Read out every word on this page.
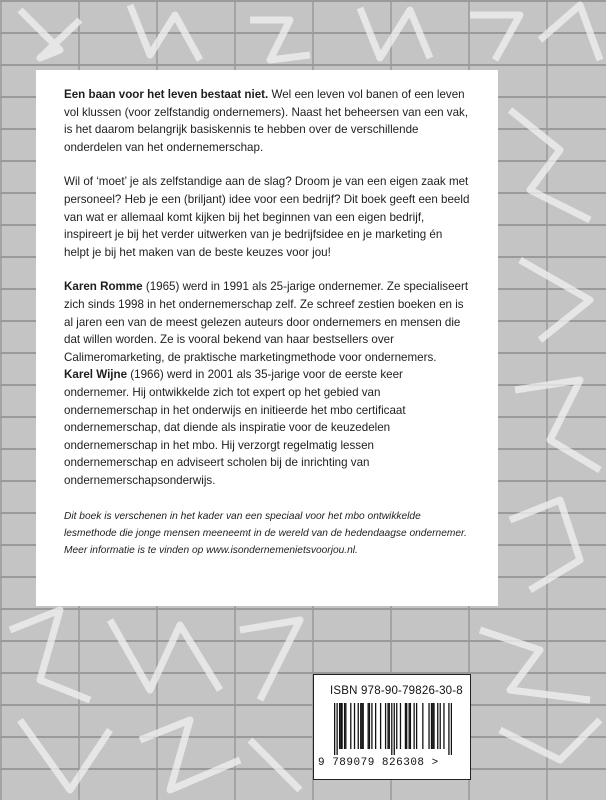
Een baan voor het leven bestaat niet. Wel een leven vol banen of een leven vol klussen (voor zelfstandig ondernemers). Naast het beheersen van een vak, is het daarom belangrijk basiskennis te hebben over de verschillende onderdelen van het ondernemerschap.

Wil of ‘moet’ je als zelfstandige aan de slag? Droom je van een eigen zaak met personeel? Heb je een (briljant) idee voor een bedrijf? Dit boek geeft een beeld van wat er allemaal komt kijken bij het beginnen van een eigen bedrijf, inspireert je bij het verder uitwerken van je bedrijfsidee en je marketing én helpt je bij het maken van de beste keuzes voor jou!

Karen Romme (1965) werd in 1991 als 25-jarige ondernemer. Ze specialiseert zich sinds 1998 in het ondernemerschap zelf. Ze schreef zestien boeken en is al jaren een van de meest gelezen auteurs door ondernemers en mensen die dat willen worden. Ze is vooral bekend van haar bestsellers over Calimeromarketing, de praktische marketingmethode voor ondernemers.

Karel Wijne (1966) werd in 2001 als 35-jarige voor de eerste keer ondernemer. Hij ontwikkelde zich tot expert op het gebied van ondernemerschap in het onderwijs en initieerde het mbo certificaat ondernemerschap, dat diende als inspiratie voor de keuzedelen ondernemerschap in het mbo. Hij verzorgt regelmatig lessen ondernemerschap en adviseert scholen bij de inrichting van ondernemerschapsonderwijs.

Dit boek is verschenen in het kader van een speciaal voor het mbo ontwikkelde lesmethode die jonge mensen meeneemt in de wereld van de hedendaagse ondernemer. Meer informatie is te vinden op www.isondernemenietsvoorjou.nl.

ISBN 978-90-79826-30-8
9 789079 826308 >
